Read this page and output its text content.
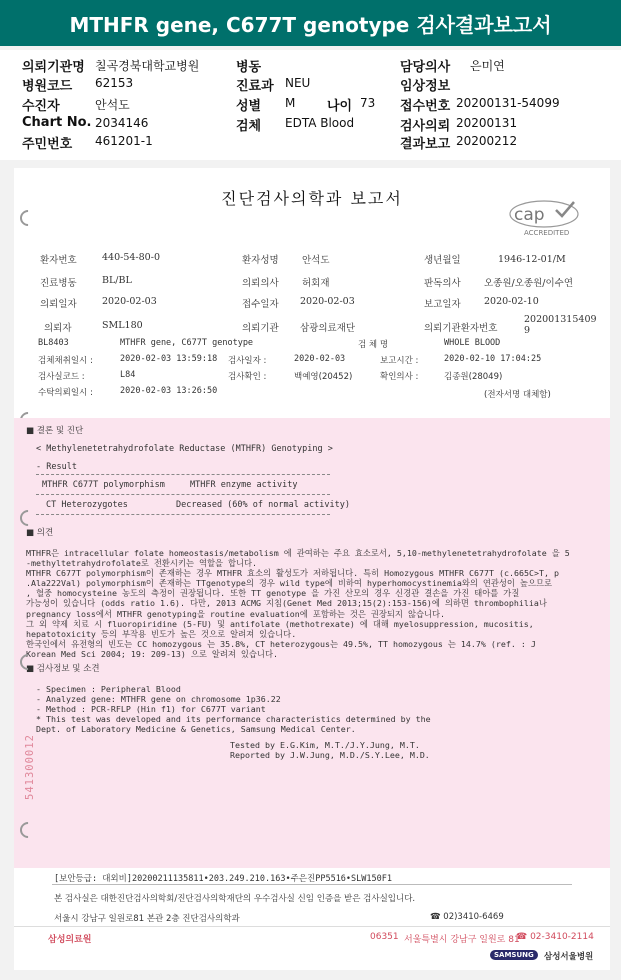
MTHFR gene, C677T genotype 검사결과보고서
의뢰기관명 칠곡경북대학교병원
병원코드 62153
수진자	안석도
Chart No. 2034146
주민번호 461201-1
병동
진료과 NEU
성별 M 나이 73
검체 EDTA Blood
담당의사 은미연
임상정보
접수번호 20200131-54099
검사의뢰 20200131
결과보고 20200212
진단검사의학과 보고서
cap
ACCREDITED
환자번호	440-54-80-0	환자성명 안석도	생년월일	1946-12-01/M
진료병동	BL/BL	의뢰의사 허회재	판독의사 오종원/오종원/이수연
의뢰일자	2020-02-03	접수일자 2020-02-03	보고일자 2020-02-10
의뢰자	SML180	의뢰기관 삼광의료재단	의뢰기관환자번호
202001315409 9
BL8403	MTHFR gene, C677T genotype	검 체 명	WHOLE BLOOD
검체채취일시 :	2020-02-03 13:59:18 검사일자 :	2020-02-03	보고시간 :	2020-02-10 17:04:25
검사실코드 :	L84	검사확인 :	백예영(20452)	확인의사 :	김종원(28049)
수탁의뢰일시 :	2020-02-03 13:26:50	(전자서명 대체함)
■ 결론 및 진단
< Methylenetetrahydrofolate Reductase (MTHFR) Genotyping >
- Result
MTHFR C677T polymorphism	MTHFR enzyme activity
CT Heterozygotes	Decreased (60% of normal activity)
■ 의견
MTHFR은 intracellular folate homeostasis/metabolism 에 관여하는 주요 효소로서, 5,10-methylenetetrahydrofolate 을 5
-methyltetrahydrofolate로 전환시키는 역할을 합니다.
MTHFR C677T polymorphism이 존재하는 경우 MTHFR 효소의 활성도가 저하됩니다. 특히 Homozygous MTHFR C677T (c.665C>T, p
.Ala222Val) polymorphism이 존재하는 TTgenotype의 경우 wild type에 비하여 hyperhomocystinemia와의 연관성이 높으므로
, 혈중 homocysteine 농도의 측정이 권장됩니다. 또한 TT genotype 을 가진 산모의 경우 신경관 결손을 가진 태아를 가질
가능성이 있습니다 (odds ratio 1.6). 다만, 2013 ACMG 지침(Genet Med 2013;15(2):153-156)에 의하면 thrombophilia나
pregnancy loss에서 MTHFR genotyping을 routine evaluation에 포함하는 것은 권장되지 않습니다.
그 외 약제 치료 시 fluoropiridine (5-FU) 및 antifolate (methotrexate) 에 대해 myelosuppression, mucositis,
hepatotoxicity 등의 부작용 빈도가 높은 것으로 알려져 있습니다.
한국인에서 유전형의 빈도는 CC homozygous 는 35.8%, CT heterozygous는 49.5%, TT homozygous 는 14.7% (ref. : J
Korean Med Sci 2004; 19: 209-13) 으로 알려져 있습니다.
■ 검사정보 및 소견
- Specimen : Peripheral Blood
- Analyzed gene: MTHFR gene on chromosome 1p36.22
- Method : PCR-RFLP (Hin f1) for C677T variant
* This test was developed and its performance characteristics determined by the
Dept. of Laboratory Medicine & Genetics, Samsung Medical Center.
Tested by E.G.Kim, M.T./J.Y.Jung, M.T.
Reported by J.W.Jung, M.D./S.Y.Lee, M.D.
541300012
[보안등급: 대외비]20200211135811•203.249.210.163•주은진PP5516•SLW150F1
본 검사실은 대한진단검사의학회/진단검사의학재단의 우수검사실 신임 인증을 받은 검사실입니다.
서울시 강남구 일원로81 본관 2층 진단검사의학과	☎ 02)3410-6469
삼성의료원	06351 서울특별시 강남구 일원로 81
☎ 02-3410-2114
SAMSUNG	삼성서울병원
